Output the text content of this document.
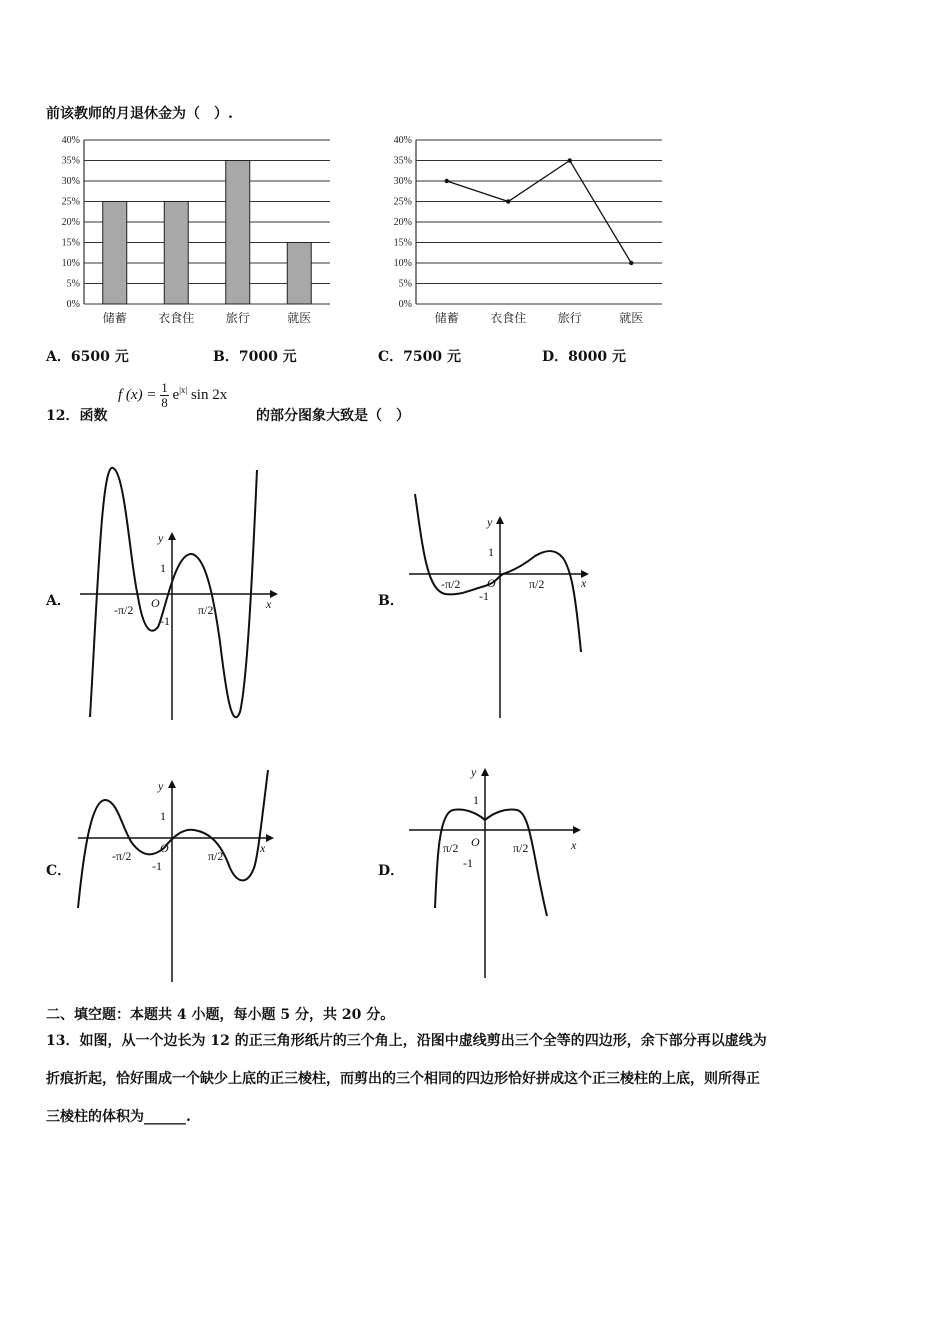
前该教师的月退休金为（　）.
0%
5%
10%
15%
20%
25%
30%
35%
40%
储蓄	衣食住	旅行	就医
0%
5%
10%
15%
20%
25%
30%
35%
40%
储蓄	衣食住	旅行	就医
A．6500 元	B．7000 元	C．7500 元	D．8000 元
12．函数
f $(x) = \frac{1}{8} e^{|x|}$ sin 2x
的部分图象大致是（　）
A．	B．
C．	D．
y
x
1
-1
O
-π/2	π/2
y
x
1
-1
O
-π/2	π/2
y
x
1
-1
O
-π/2	π/2
y
x
1
-1
O
π/2	π/2
二、填空题：本题共 4 小题，每小题 5 分，共 20 分。
13．如图，从一个边长为 12 的正三角形纸片的三个角上，沿图中虚线剪出三个全等的四边形，余下部分再以虚线为
折痕折起，恰好围成一个缺少上底的正三棱柱，而剪出的三个相同的四边形恰好拼成这个正三棱柱的上底，则所得正
三棱柱的体积为______.
